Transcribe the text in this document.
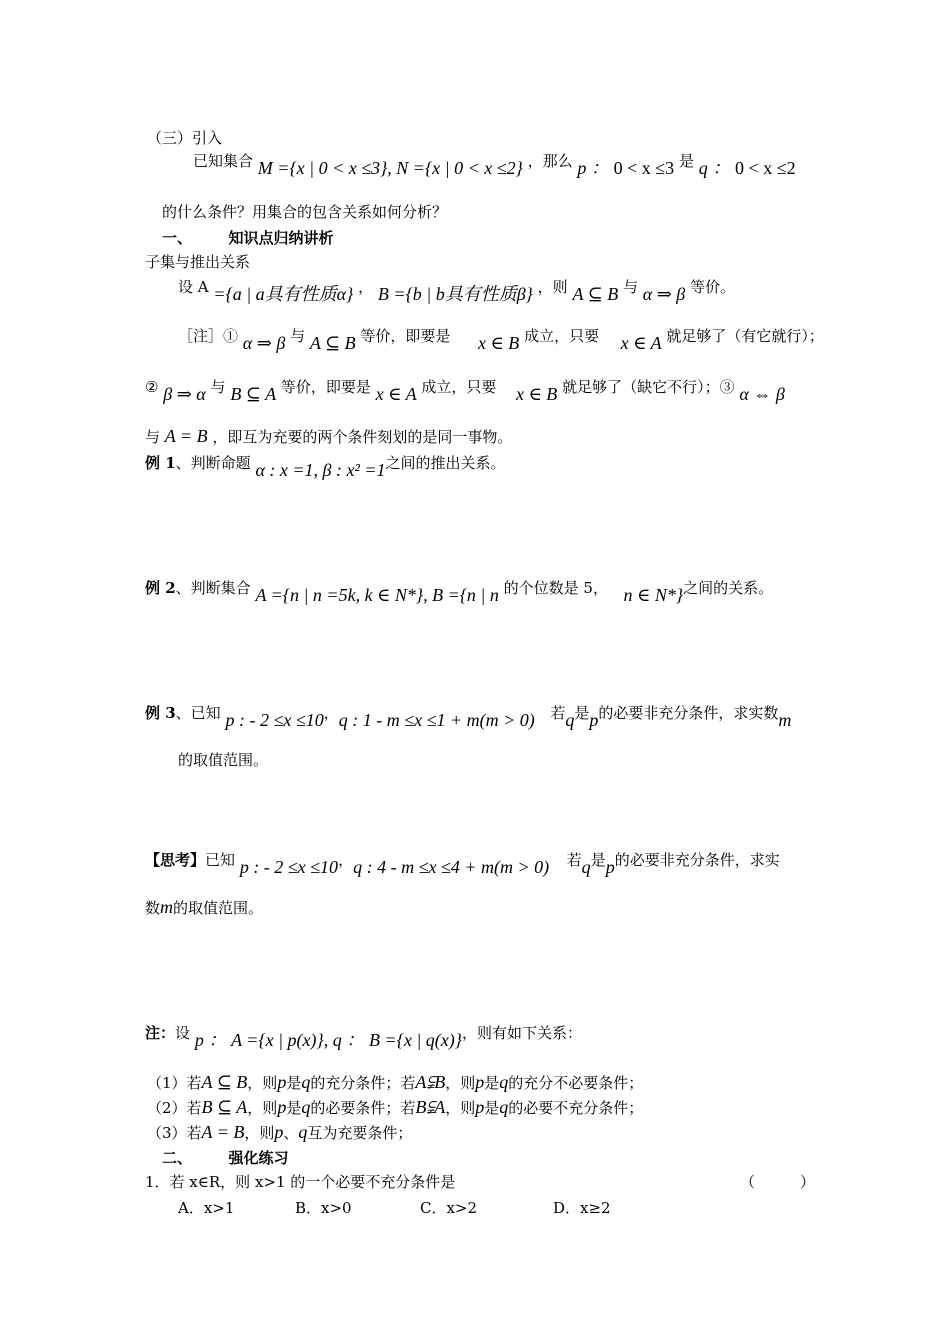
（三）引入
已知集合 M ={x | 0 < x ≤3}, N ={x | 0 < x ≤2} ，那么 p ： 0 < x ≤3 是 q ： 0 < x ≤2
的什么条件？用集合的包含关系如何分析？
一、 知识点归纳讲析
子集与推出关系
设 A ={a | a具有性质α} ， B ={b | b具有性质β} ，则 A ⊆ B 与 α ⇒ β 等价。
［注］① α ⇒ β 与 A ⊆ B 等价，即要是 x ∈ B 成立，只要 x ∈ A 就足够了（有它就行）；
② β ⇒ α 与 B ⊆ A 等价，即要是 x ∈ A 成立，只要 x ∈ B 就足够了（缺它不行）；③ α ⇔ β
与 A = B ，即互为充要的两个条件刻划的是同一事物。
例 1、判断命题 α : x =1, β : x² =1之间的推出关系。
例 2、判断集合 A ={n | n =5k, k ∈ N*}, B ={n | n 的个位数是 5， n ∈ N*}之间的关系。
例 3、已知 p : - 2 ≤x ≤10，q : 1 - m ≤x ≤1 + m(m > 0) 若q是p的必要非充分条件，求实数m
的取值范围。
【思考】已知 p : - 2 ≤x ≤10，q : 4 - m ≤x ≤4 + m(m > 0) 若q是p的必要非充分条件，求实
数m的取值范围。
注：设 p ： A ={x | p(x)}, q ： B ={x | q(x)}，则有如下关系：
（1）若A ⊆ B，则p是q的充分条件；若A⫋B，则p是q的充分不必要条件；
（2）若B ⊆ A，则p是q的必要条件；若B⫋A，则p是q的必要不充分条件；
（3）若A = B，则p、q互为充要条件；
二、 强化练习
1．若 x∈R，则 x>1 的一个必要不充分条件是	（　　　）
A．x>1	B．x>0	C．x>2	D．x≥2
